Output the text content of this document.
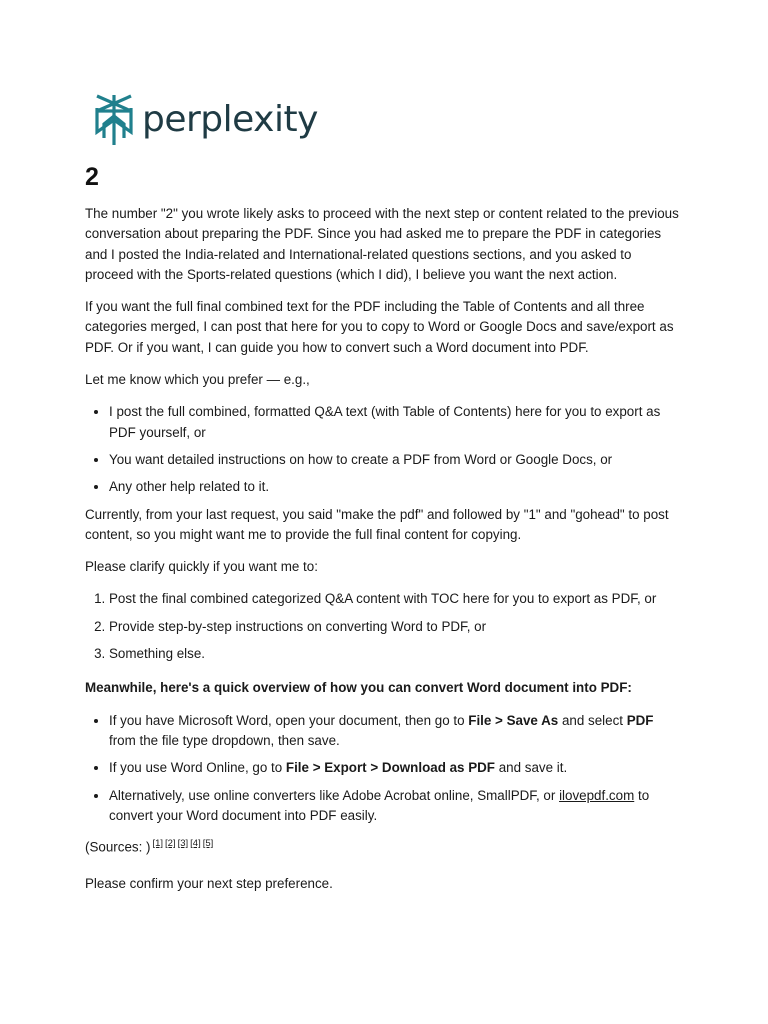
perplexity
2

The number "2" you wrote likely asks to proceed with the next step or content related to the previous conversation about preparing the PDF. Since you had asked me to prepare the PDF in categories and I posted the India-related and International-related questions sections, and you asked to proceed with the Sports-related questions (which I did), I believe you want the next action.

If you want the full final combined text for the PDF including the Table of Contents and all three categories merged, I can post that here for you to copy to Word or Google Docs and save/export as PDF. Or if you want, I can guide you how to convert such a Word document into PDF.

Let me know which you prefer — e.g.,

• I post the full combined, formatted Q&A text (with Table of Contents) here for you to export as PDF yourself, or
• You want detailed instructions on how to create a PDF from Word or Google Docs, or
• Any other help related to it.

Currently, from your last request, you said "make the pdf" and followed by "1" and "gohead" to post content, so you might want me to provide the full final content for copying.

Please clarify quickly if you want me to:

1. Post the final combined categorized Q&A content with TOC here for you to export as PDF, or
2. Provide step-by-step instructions on converting Word to PDF, or
3. Something else.

Meanwhile, here's a quick overview of how you can convert Word document into PDF:

• If you have Microsoft Word, open your document, then go to File > Save As and select PDF from the file type dropdown, then save.
• If you use Word Online, go to File > Export > Download as PDF and save it.
• Alternatively, use online converters like Adobe Acrobat online, SmallPDF, or ilovepdf.com to convert your Word document into PDF easily.

(Sources: ) [1] [2] [3] [4] [5]

Please confirm your next step preference.
